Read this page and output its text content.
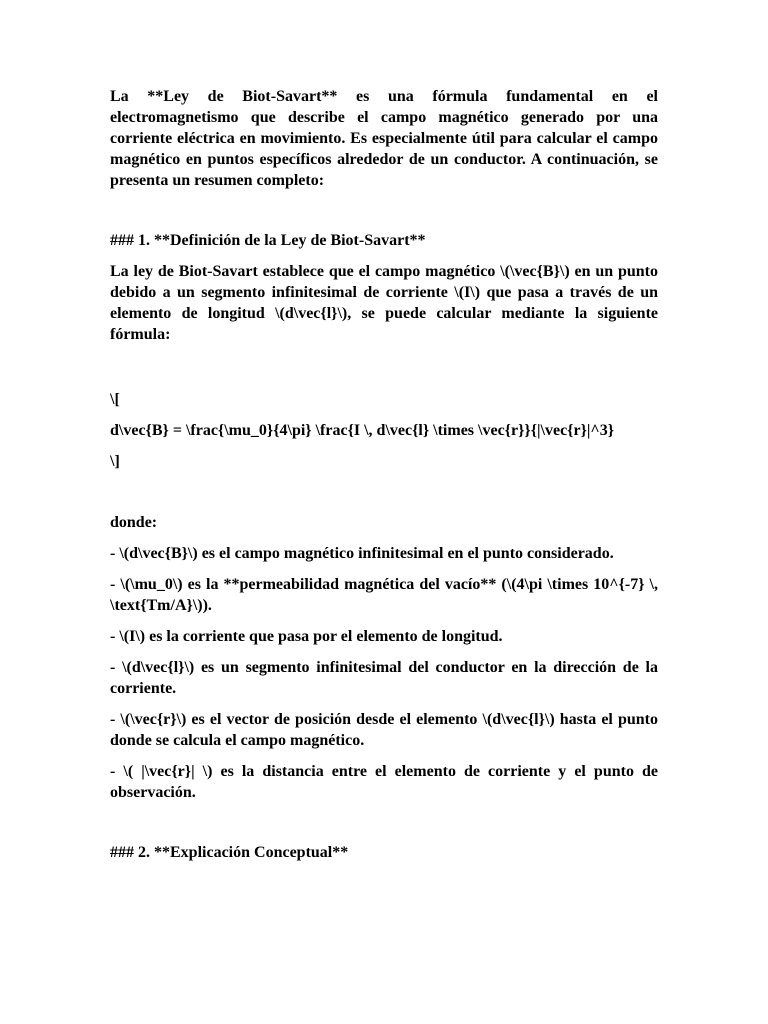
La **Ley de Biot-Savart** es una fórmula fundamental en el electromagnetismo que describe el campo magnético generado por una corriente eléctrica en movimiento. Es especialmente útil para calcular el campo magnético en puntos específicos alrededor de un conductor. A continuación, se presenta un resumen completo:

### 1. **Definición de la Ley de Biot-Savart**

La ley de Biot-Savart establece que el campo magnético \(\vec{B}\) en un punto debido a un segmento infinitesimal de corriente \(I\) que pasa a través de un elemento de longitud \(d\vec{l}\), se puede calcular mediante la siguiente fórmula:

\[

d\vec{B} = \frac{\mu_0}{4\pi} \frac{I \, d\vec{l} \times \vec{r}}{|\vec{r}|^3}

\]

donde:

- \(d\vec{B}\) es el campo magnético infinitesimal en el punto considerado.

- \(\mu_0\) es la **permeabilidad magnética del vacío** (\(4\pi \times 10^{-7} \, \text{Tm/A}\)).

- \(I\) es la corriente que pasa por el elemento de longitud.

- \(d\vec{l}\) es un segmento infinitesimal del conductor en la dirección de la corriente.

- \(\vec{r}\) es el vector de posición desde el elemento \(d\vec{l}\) hasta el punto donde se calcula el campo magnético.

- \( |\vec{r}| \) es la distancia entre el elemento de corriente y el punto de observación.

### 2. **Explicación Conceptual**
